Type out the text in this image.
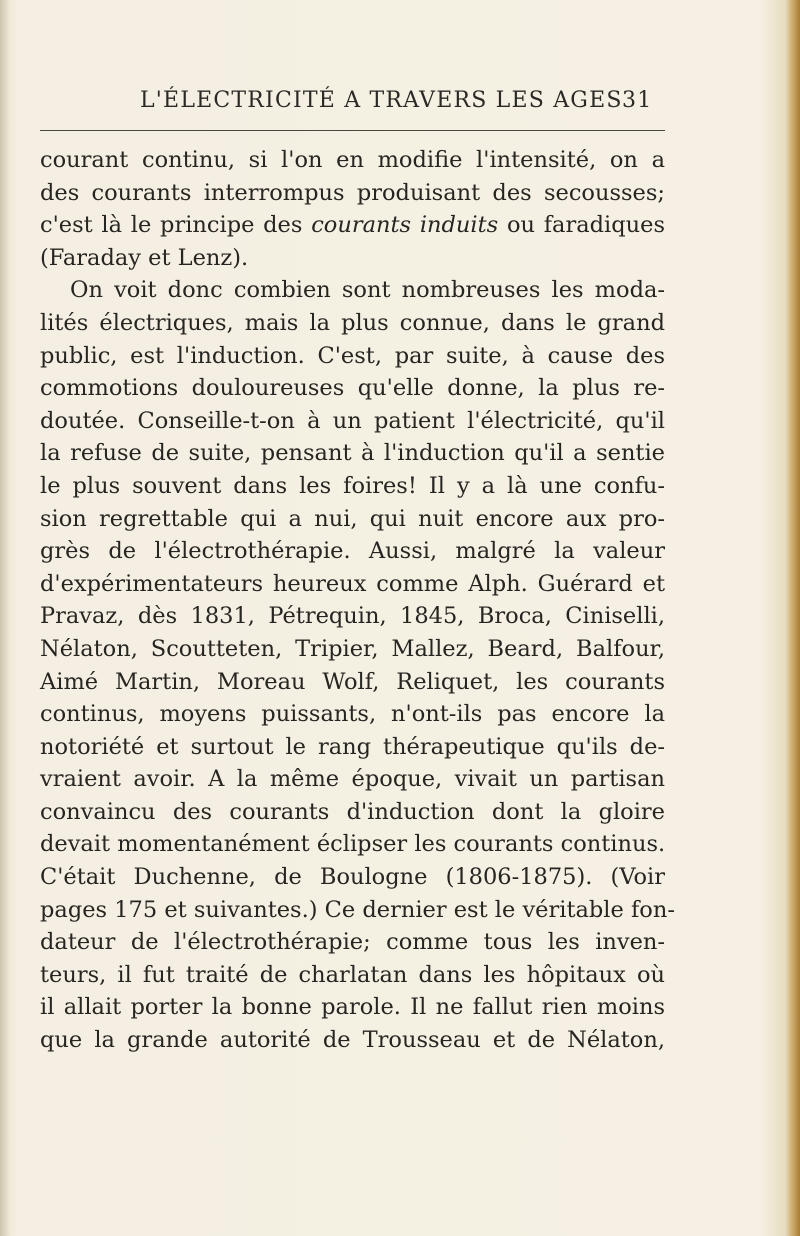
L'ÉLECTRICITÉ A TRAVERS LES AGES 31
courant continu, si l'on en modifie l'intensité, on a
des courants interrompus produisant des secousses;
c'est là le principe des courants induits ou faradiques
(Faraday et Lenz).
On voit donc combien sont nombreuses les moda-
lités électriques, mais la plus connue, dans le grand
public, est l'induction. C'est, par suite, à cause des
commotions douloureuses qu'elle donne, la plus re-
doutée. Conseille-t-on à un patient l'électricité, qu'il
la refuse de suite, pensant à l'induction qu'il a sentie
le plus souvent dans les foires! Il y a là une confu-
sion regrettable qui a nui, qui nuit encore aux pro-
grès de l'électrothérapie. Aussi, malgré la valeur
d'expérimentateurs heureux comme Alph. Guérard et
Pravaz, dès 1831, Pétrequin, 1845, Broca, Ciniselli,
Nélaton, Scoutteten, Tripier, Mallez, Beard, Balfour,
Aimé Martin, Moreau Wolf, Reliquet, les courants
continus, moyens puissants, n'ont-ils pas encore la
notoriété et surtout le rang thérapeutique qu'ils de-
vraient avoir. A la même époque, vivait un partisan
convaincu des courants d'induction dont la gloire
devait momentanément éclipser les courants continus.
C'était Duchenne, de Boulogne (1806-1875). (Voir
pages 175 et suivantes.) Ce dernier est le véritable fon-
dateur de l'électrothérapie; comme tous les inven-
teurs, il fut traité de charlatan dans les hôpitaux où
il allait porter la bonne parole. Il ne fallut rien moins
que la grande autorité de Trousseau et de Nélaton,
